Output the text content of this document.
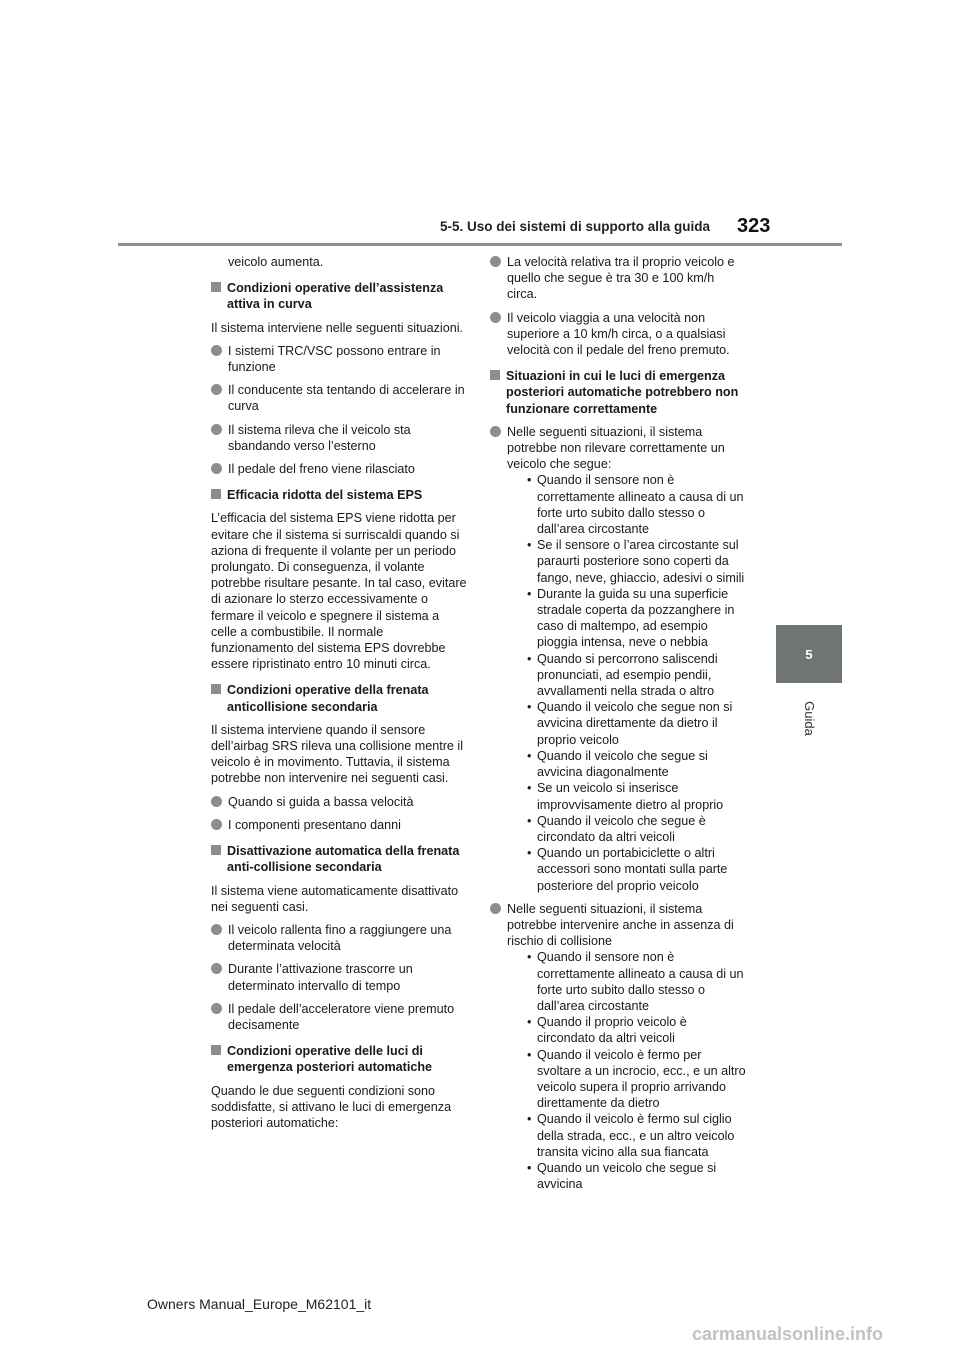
5-5. Uso dei sistemi di supporto alla guida 323
5
Guida
veicolo aumenta.
Condizioni operative dell’assistenza attiva in curva
Il sistema interviene nelle seguenti situazioni.
I sistemi TRC/VSC possono entrare in funzione
Il conducente sta tentando di accelerare in curva
Il sistema rileva che il veicolo sta sbandando verso l’esterno
Il pedale del freno viene rilasciato
Efficacia ridotta del sistema EPS
L’efficacia del sistema EPS viene ridotta per evitare che il sistema si surriscaldi quando si aziona di frequente il volante per un periodo prolungato. Di conseguenza, il volante potrebbe risultare pesante. In tal caso, evitare di azionare lo sterzo eccessivamente o fermare il veicolo e spegnere il sistema a celle a combustibile. Il normale funzionamento del sistema EPS dovrebbe essere ripristinato entro 10 minuti circa.
Condizioni operative della frenata anticollisione secondaria
Il sistema interviene quando il sensore dell’airbag SRS rileva una collisione mentre il veicolo è in movimento. Tuttavia, il sistema potrebbe non intervenire nei seguenti casi.
Quando si guida a bassa velocità
I componenti presentano danni
Disattivazione automatica della frenata anti-collisione secondaria
Il sistema viene automaticamente disattivato nei seguenti casi.
Il veicolo rallenta fino a raggiungere una determinata velocità
Durante l’attivazione trascorre un determinato intervallo di tempo
Il pedale dell’acceleratore viene premuto decisamente
Condizioni operative delle luci di emergenza posteriori automatiche
Quando le due seguenti condizioni sono soddisfatte, si attivano le luci di emergenza posteriori automatiche:
La velocità relativa tra il proprio veicolo e quello che segue è tra 30 e 100 km/h circa.
Il veicolo viaggia a una velocità non superiore a 10 km/h circa, o a qualsiasi velocità con il pedale del freno premuto.
Situazioni in cui le luci di emergenza posteriori automatiche potrebbero non funzionare correttamente
Nelle seguenti situazioni, il sistema potrebbe non rilevare correttamente un veicolo che segue:
• Quando il sensore non è correttamente allineato a causa di un forte urto subito dallo stesso o dall’area circostante
• Se il sensore o l’area circostante sul paraurti posteriore sono coperti da fango, neve, ghiaccio, adesivi o simili
• Durante la guida su una superficie stradale coperta da pozzanghere in caso di maltempo, ad esempio pioggia intensa, neve o nebbia
• Quando si percorrono saliscendi pronunciati, ad esempio pendii, avvallamenti nella strada o altro
• Quando il veicolo che segue non si avvicina direttamente da dietro il proprio veicolo
• Quando il veicolo che segue si avvicina diagonalmente
• Se un veicolo si inserisce improvvisamente dietro al proprio
• Quando il veicolo che segue è circondato da altri veicoli
• Quando un portabiciclette o altri accessori sono montati sulla parte posteriore del proprio veicolo
Nelle seguenti situazioni, il sistema potrebbe intervenire anche in assenza di rischio di collisione
• Quando il sensore non è correttamente allineato a causa di un forte urto subito dallo stesso o dall’area circostante
• Quando il proprio veicolo è circondato da altri veicoli
• Quando il veicolo è fermo per svoltare a un incrocio, ecc., e un altro veicolo supera il proprio arrivando direttamente da dietro
• Quando il veicolo è fermo sul ciglio della strada, ecc., e un altro veicolo transita vicino alla sua fiancata
• Quando un veicolo che segue si avvicina
Owners Manual_Europe_M62101_it
carmanualsonline.info
